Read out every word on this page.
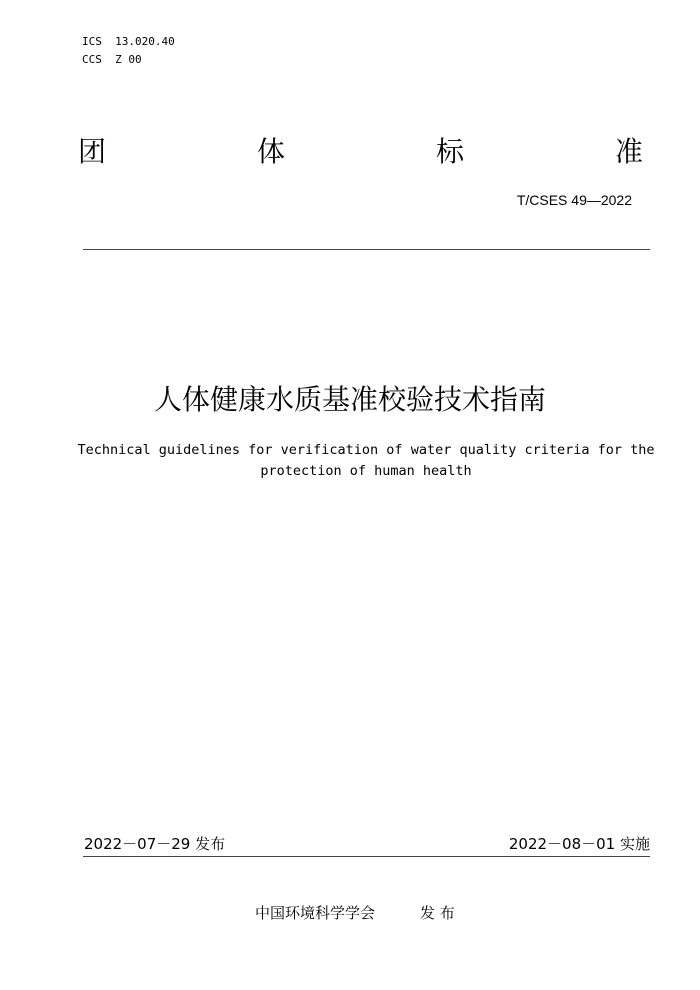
ICS  13.020.40
CCS  Z 00
团	体	标	准
T/CSES 49—2022
人体健康水质基准校验技术指南
Technical guidelines for verification of water quality criteria for the protection of human health
2022－07－29 发布	2022－08－01 实施
中国环境科学学会	发 布
